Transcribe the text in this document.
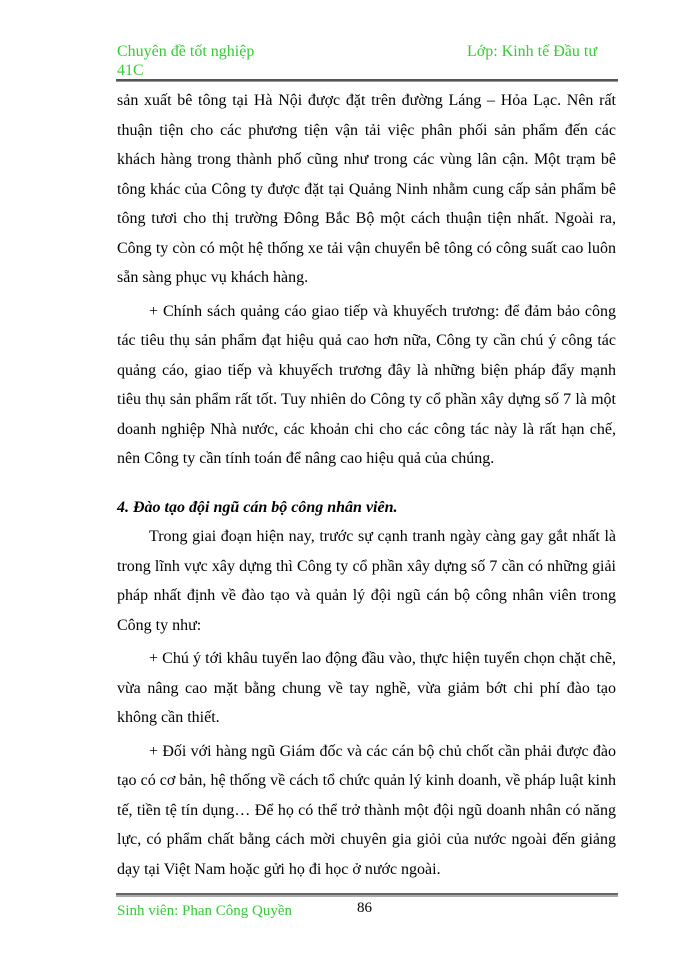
Chuyên đề tốt nghiệp
41C
Lớp: Kinh tế Đầu tư

sản xuất bê tông tại Hà Nội được đặt trên đường Láng – Hỏa Lạc. Nên rất thuận tiện cho các phương tiện vận tải việc phân phối sản phẩm đến các khách hàng trong thành phố cũng như trong các vùng lân cận. Một trạm bê tông khác của Công ty được đặt tại Quảng Ninh nhằm cung cấp sản phẩm bê tông tươi cho thị trường Đông Bắc Bộ một cách thuận tiện nhất. Ngoài ra, Công ty còn có một hệ thống xe tải vận chuyển bê tông có công suất cao luôn sẵn sàng phục vụ khách hàng.

+ Chính sách quảng cáo giao tiếp và khuyếch trương: để đảm bảo công tác tiêu thụ sản phẩm đạt hiệu quả cao hơn nữa, Công ty cần chú ý công tác quảng cáo, giao tiếp và khuyếch trương đây là những biện pháp đẩy mạnh tiêu thụ sản phẩm rất tốt. Tuy nhiên do Công ty cổ phần xây dựng số 7 là một doanh nghiệp Nhà nước, các khoản chi cho các công tác này là rất hạn chế, nên Công ty cần tính toán để nâng cao hiệu quả của chúng.

4. Đào tạo đội ngũ cán bộ công nhân viên.

Trong giai đoạn hiện nay, trước sự cạnh tranh ngày càng gay gắt nhất là trong lĩnh vực xây dựng thì Công ty cổ phần xây dựng số 7 cần có những giải pháp nhất định về đào tạo và quản lý đội ngũ cán bộ công nhân viên trong Công ty như:

+ Chú ý tới khâu tuyển lao động đầu vào, thực hiện tuyển chọn chặt chẽ, vừa nâng cao mặt bằng chung về tay nghề, vừa giảm bớt chi phí đào tạo không cần thiết.

+ Đối với hàng ngũ Giám đốc và các cán bộ chủ chốt cần phải được đào tạo có cơ bản, hệ thống về cách tổ chức quản lý kinh doanh, về pháp luật kinh tế, tiền tệ tín dụng… Để họ có thể trở thành một đội ngũ doanh nhân có năng lực, có phẩm chất bằng cách mời chuyên gia giỏi của nước ngoài đến giảng dạy tại Việt Nam hoặc gửi họ đi học ở nước ngoài.

Sinh viên: Phan Công Quyền	86
